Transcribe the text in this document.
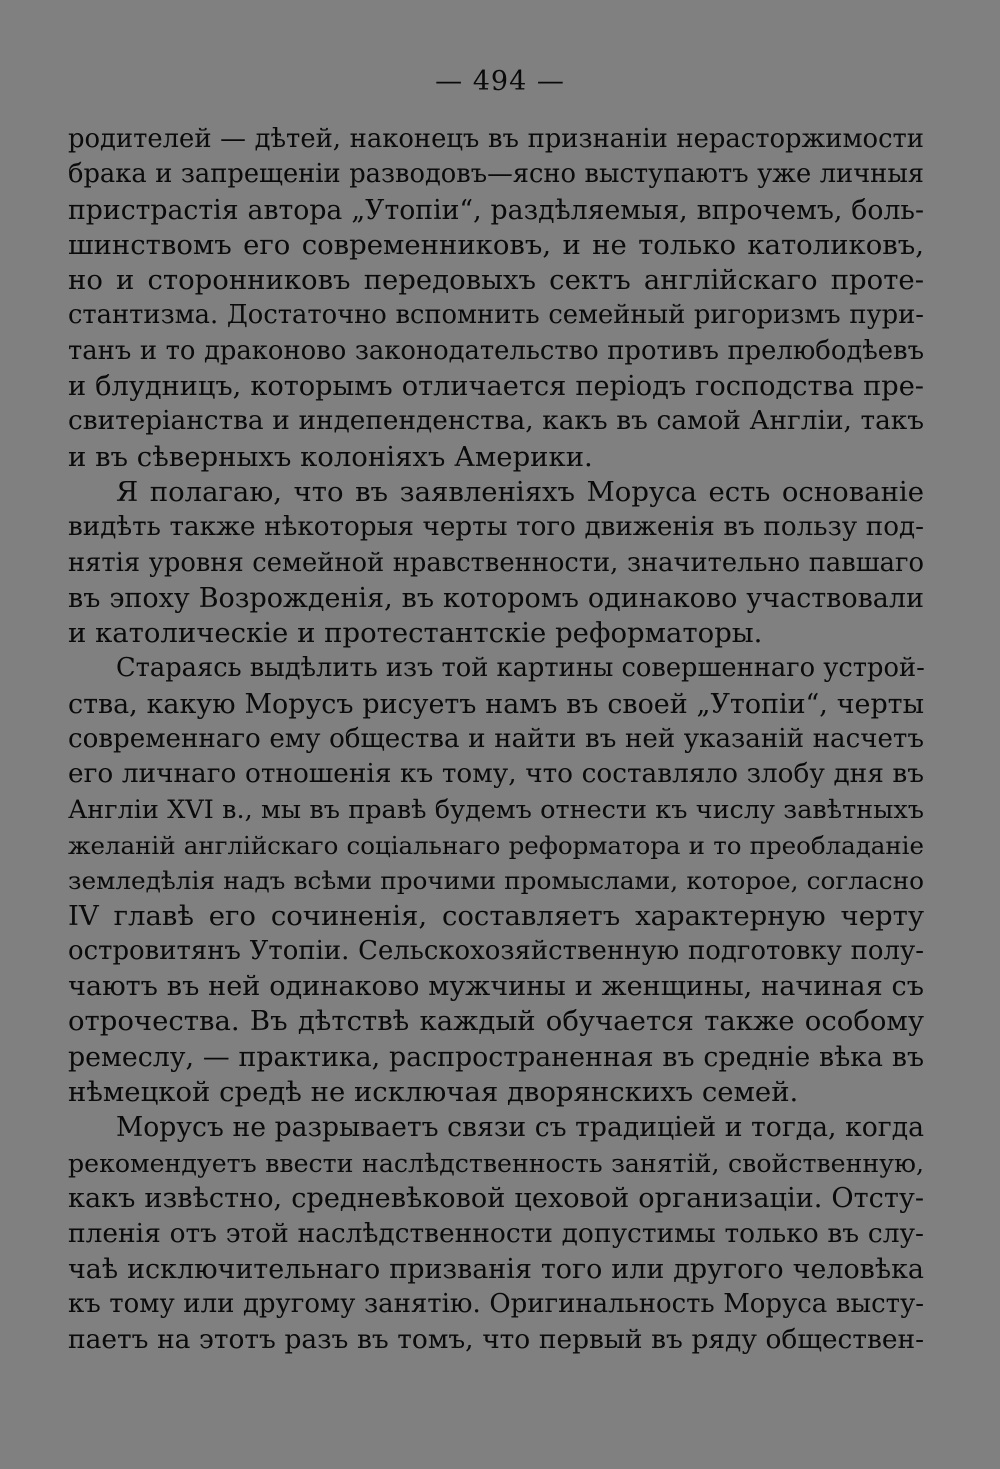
— 494 —
родителей — дѣтей, наконецъ въ признанiи нерасторжимости
брака и запрещенiи разводовъ—ясно выступаютъ уже личныя
пристрастiя автора „Утопiи“, раздѣляемыя, впрочемъ, боль-
шинствомъ его современниковъ, и не только католиковъ,
но и сторонниковъ передовыхъ сектъ англiйскаго проте-
стантизма. Достаточно вспомнить семейный ригоризмъ пури-
танъ и то драконово законодательство противъ прелюбодѣевъ
и блудницъ, которымъ отличается перiодъ господства пре-
свитерiанства и индепенденства, какъ въ самой Англiи, такъ
и въ сѣверныхъ колонiяхъ Америки.
Я полагаю, что въ заявленiяхъ Моруса есть основанiе
видѣть также нѣкоторыя черты того движенiя въ пользу под-
нятiя уровня семейной нравственности, значительно павшаго
въ эпоху Возрожденiя, въ которомъ одинаково участвовали
и католическiе и протестантскiе реформаторы.
Стараясь выдѣлить изъ той картины совершеннаго устрой-
ства, какую Морусъ рисуетъ намъ въ своей „Утопiи“, черты
современнаго ему общества и найти въ ней указанiй насчетъ
его личнаго отношенiя къ тому, что составляло злобу дня въ
Англiи XVI в., мы въ правѣ будемъ отнести къ числу завѣтныхъ
желанiй англiйскаго соцiальнаго реформатора и то преобладанiе
земледѣлiя надъ всѣми прочими промыслами, которое, согласно
IV главѣ его сочиненiя, составляетъ характерную черту
островитянъ Утопiи. Сельскохозяйственную подготовку полу-
чаютъ въ ней одинаково мужчины и женщины, начиная съ
отрочества. Въ дѣтствѣ каждый обучается также особому
ремеслу, — практика, распространенная въ среднiе вѣка въ
нѣмецкой средѣ не исключая дворянскихъ семей.
Морусъ не разрываетъ связи съ традицiей и тогда, когда
рекомендуетъ ввести наслѣдственность занятiй, свойственную,
какъ извѣстно, средневѣковой цеховой организацiи. Отсту-
пленiя отъ этой наслѣдственности допустимы только въ слу-
чаѣ исключительнаго призванiя того или другого человѣка
къ тому или другому занятiю. Оригинальность Моруса высту-
паетъ на этотъ разъ въ томъ, что первый въ ряду обществен-
